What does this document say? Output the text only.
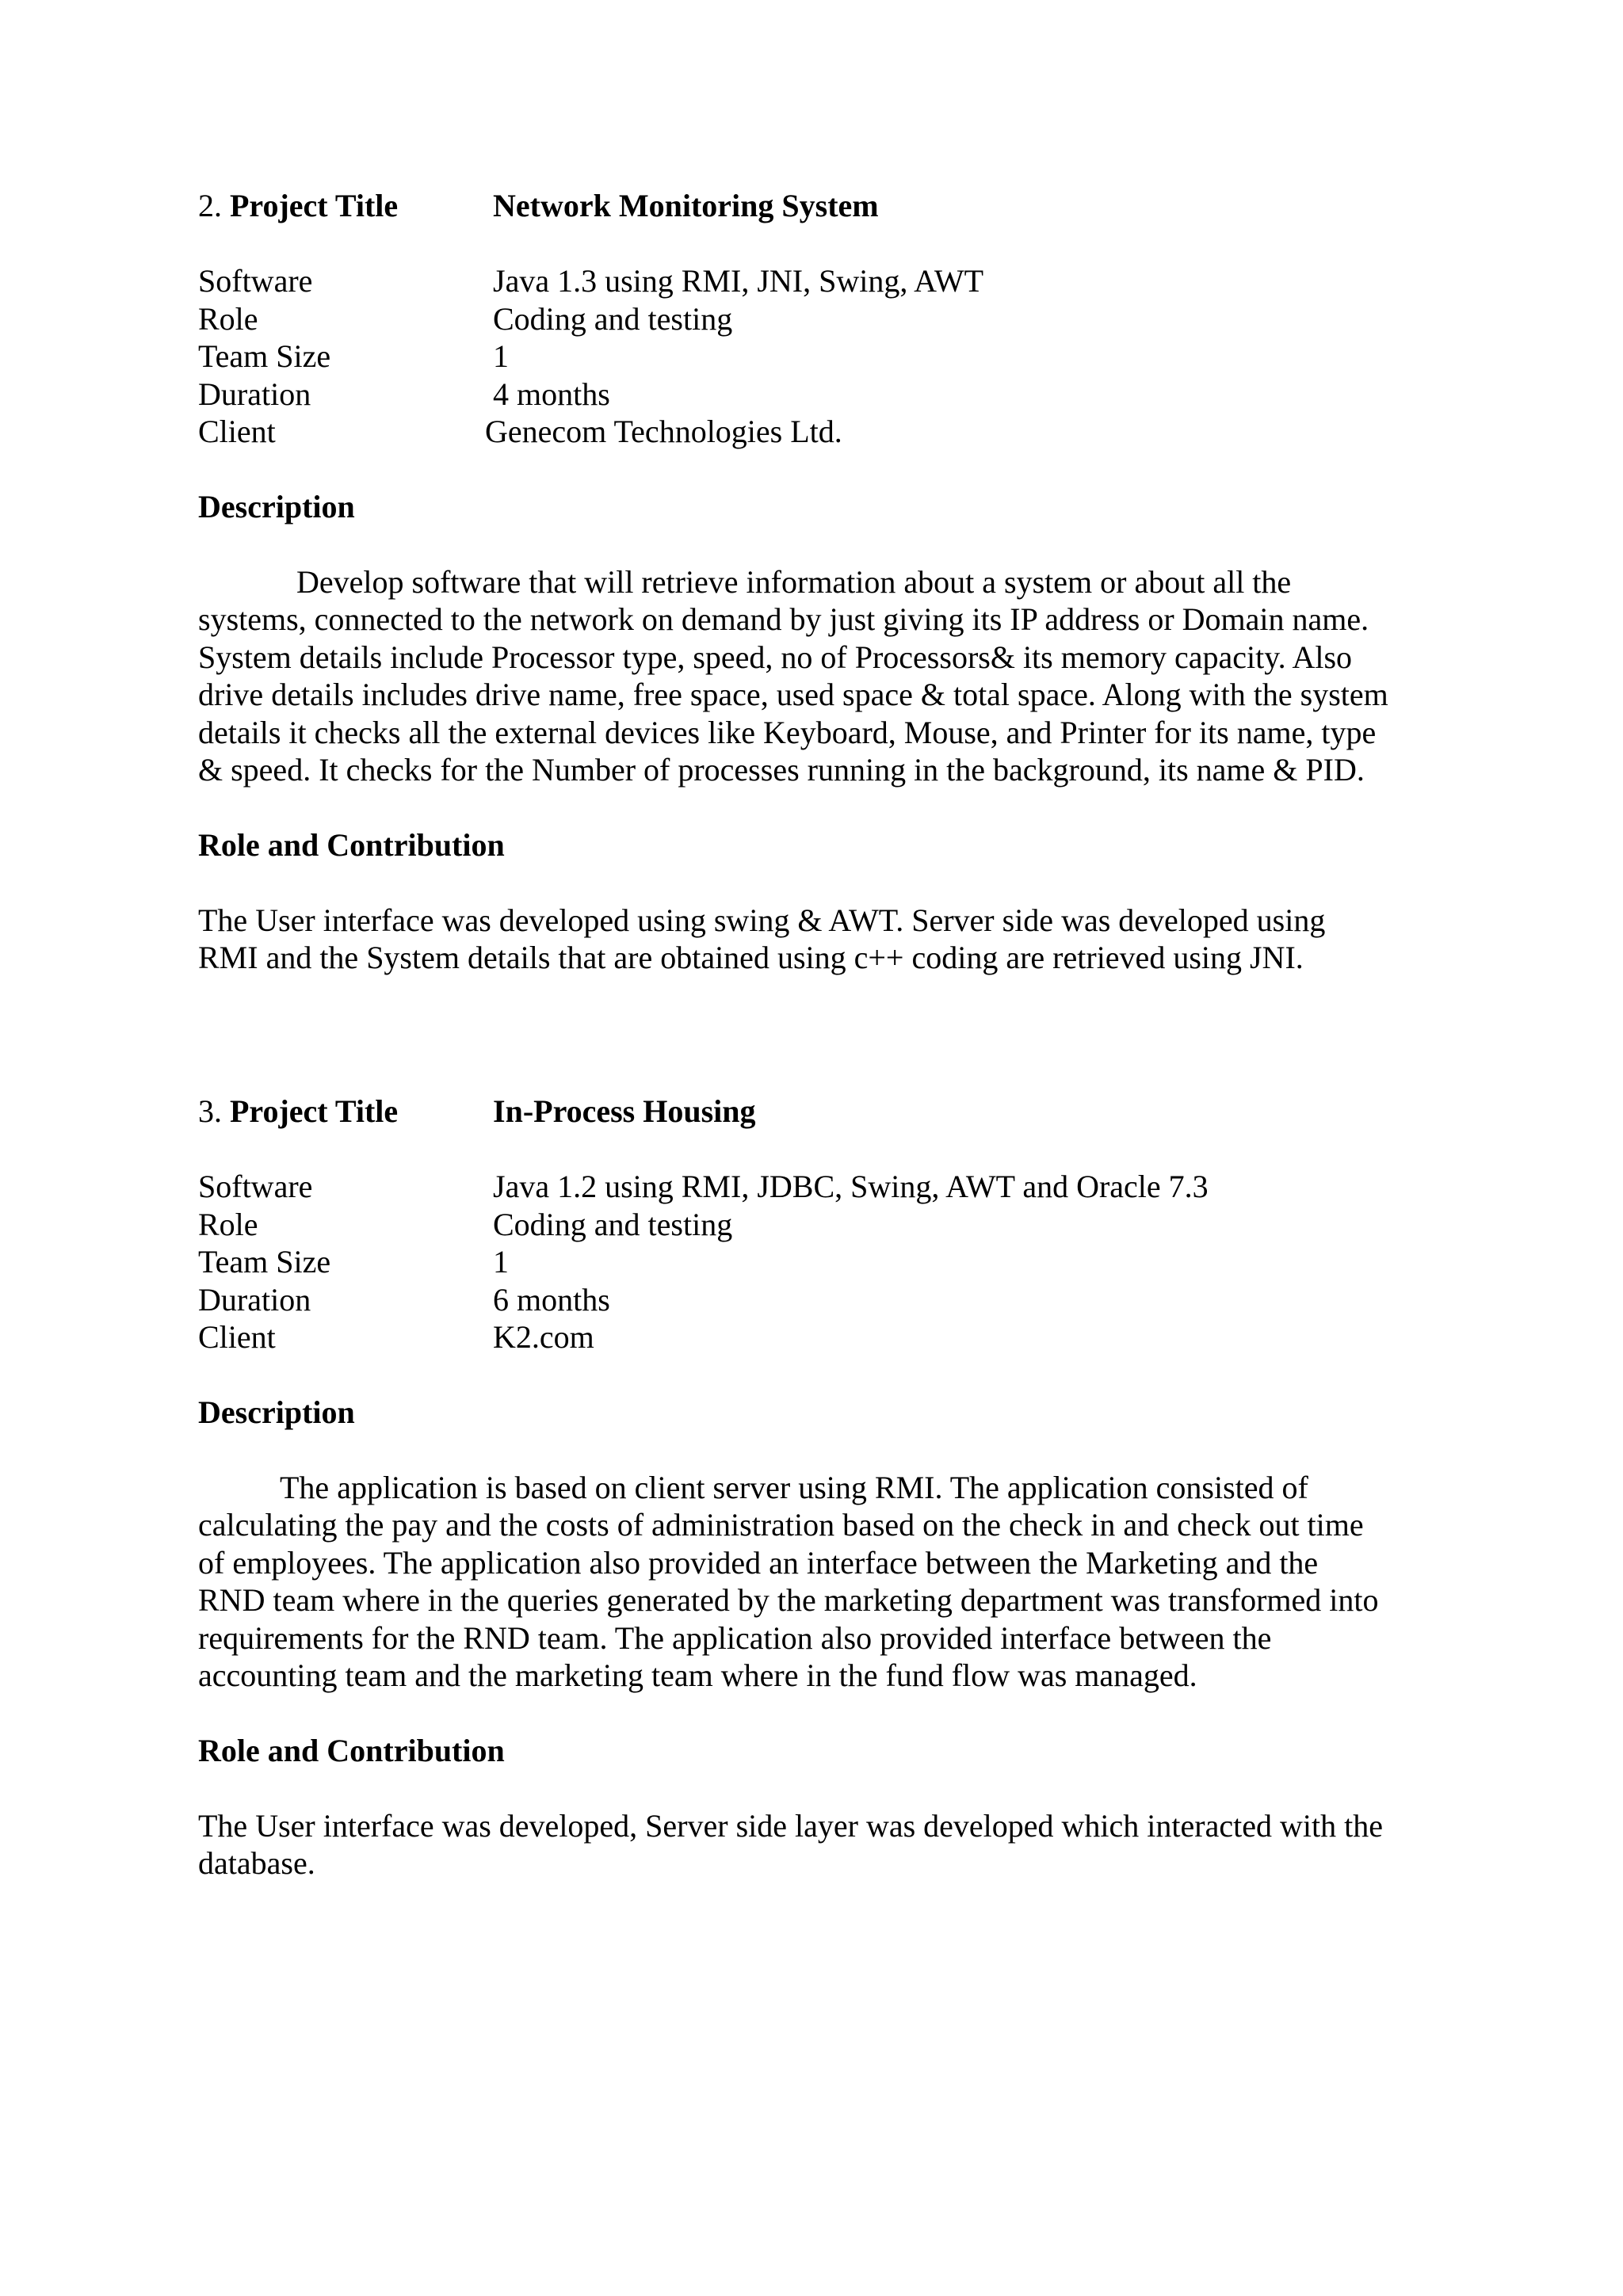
2. Project Title	Network Monitoring System
Software	Java 1.3 using RMI, JNI, Swing, AWT
Role	Coding and testing
Team Size	1
Duration	4 months
Client	Genecom Technologies Ltd.
Description

Develop software that will retrieve information about a system or about all the
systems, connected to the network on demand by just giving its IP address or Domain name.
System details include Processor type, speed, no of Processors& its memory capacity. Also
drive details includes drive name, free space, used space & total space. Along with the system
details it checks all the external devices like Keyboard, Mouse, and Printer for its name, type
& speed. It checks for the Number of processes running in the background, its name & PID.

Role and Contribution

The User interface was developed using swing & AWT. Server side was developed using
RMI and the System details that are obtained using c++ coding are retrieved using JNI.

3. Project Title	In-Process Housing
Software	Java 1.2 using RMI, JDBC, Swing, AWT and Oracle 7.3
Role	Coding and testing
Team Size	1
Duration	6 months
Client	K2.com
Description

The application is based on client server using RMI. The application consisted of
calculating the pay and the costs of administration based on the check in and check out time
of employees. The application also provided an interface between the Marketing and the
RND team where in the queries generated by the marketing department was transformed into
requirements for the RND team. The application also provided interface between the
accounting team and the marketing team where in the fund flow was managed.

Role and Contribution

The User interface was developed, Server side layer was developed which interacted with the
database.
